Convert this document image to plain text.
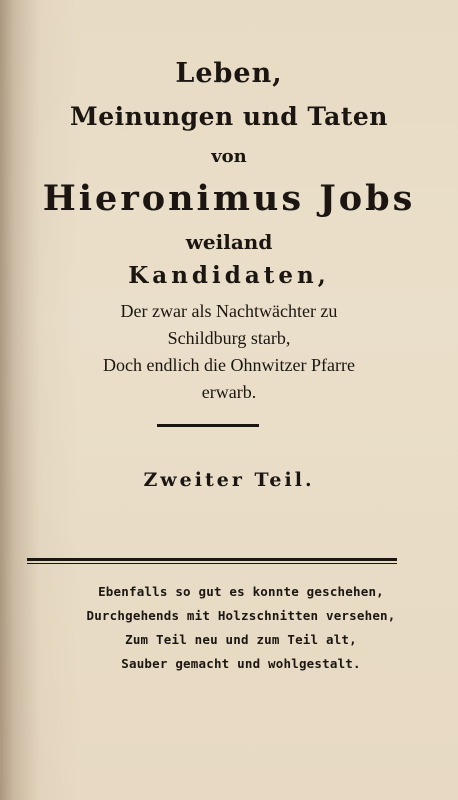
Leben,
Meinungen und Taten
von
Hieronimus Jobs
weiland
Kandidaten,
Der zwar als Nachtwächter zu
Schildburg starb,
Doch endlich die Ohnwitzer Pfarre
erwarb.
Zweiter Teil.
Ebenfalls so gut es konnte geschehen,
Durchgehends mit Holzschnitten versehen,
Zum Teil neu und zum Teil alt,
Sauber gemacht und wohlgestalt.
